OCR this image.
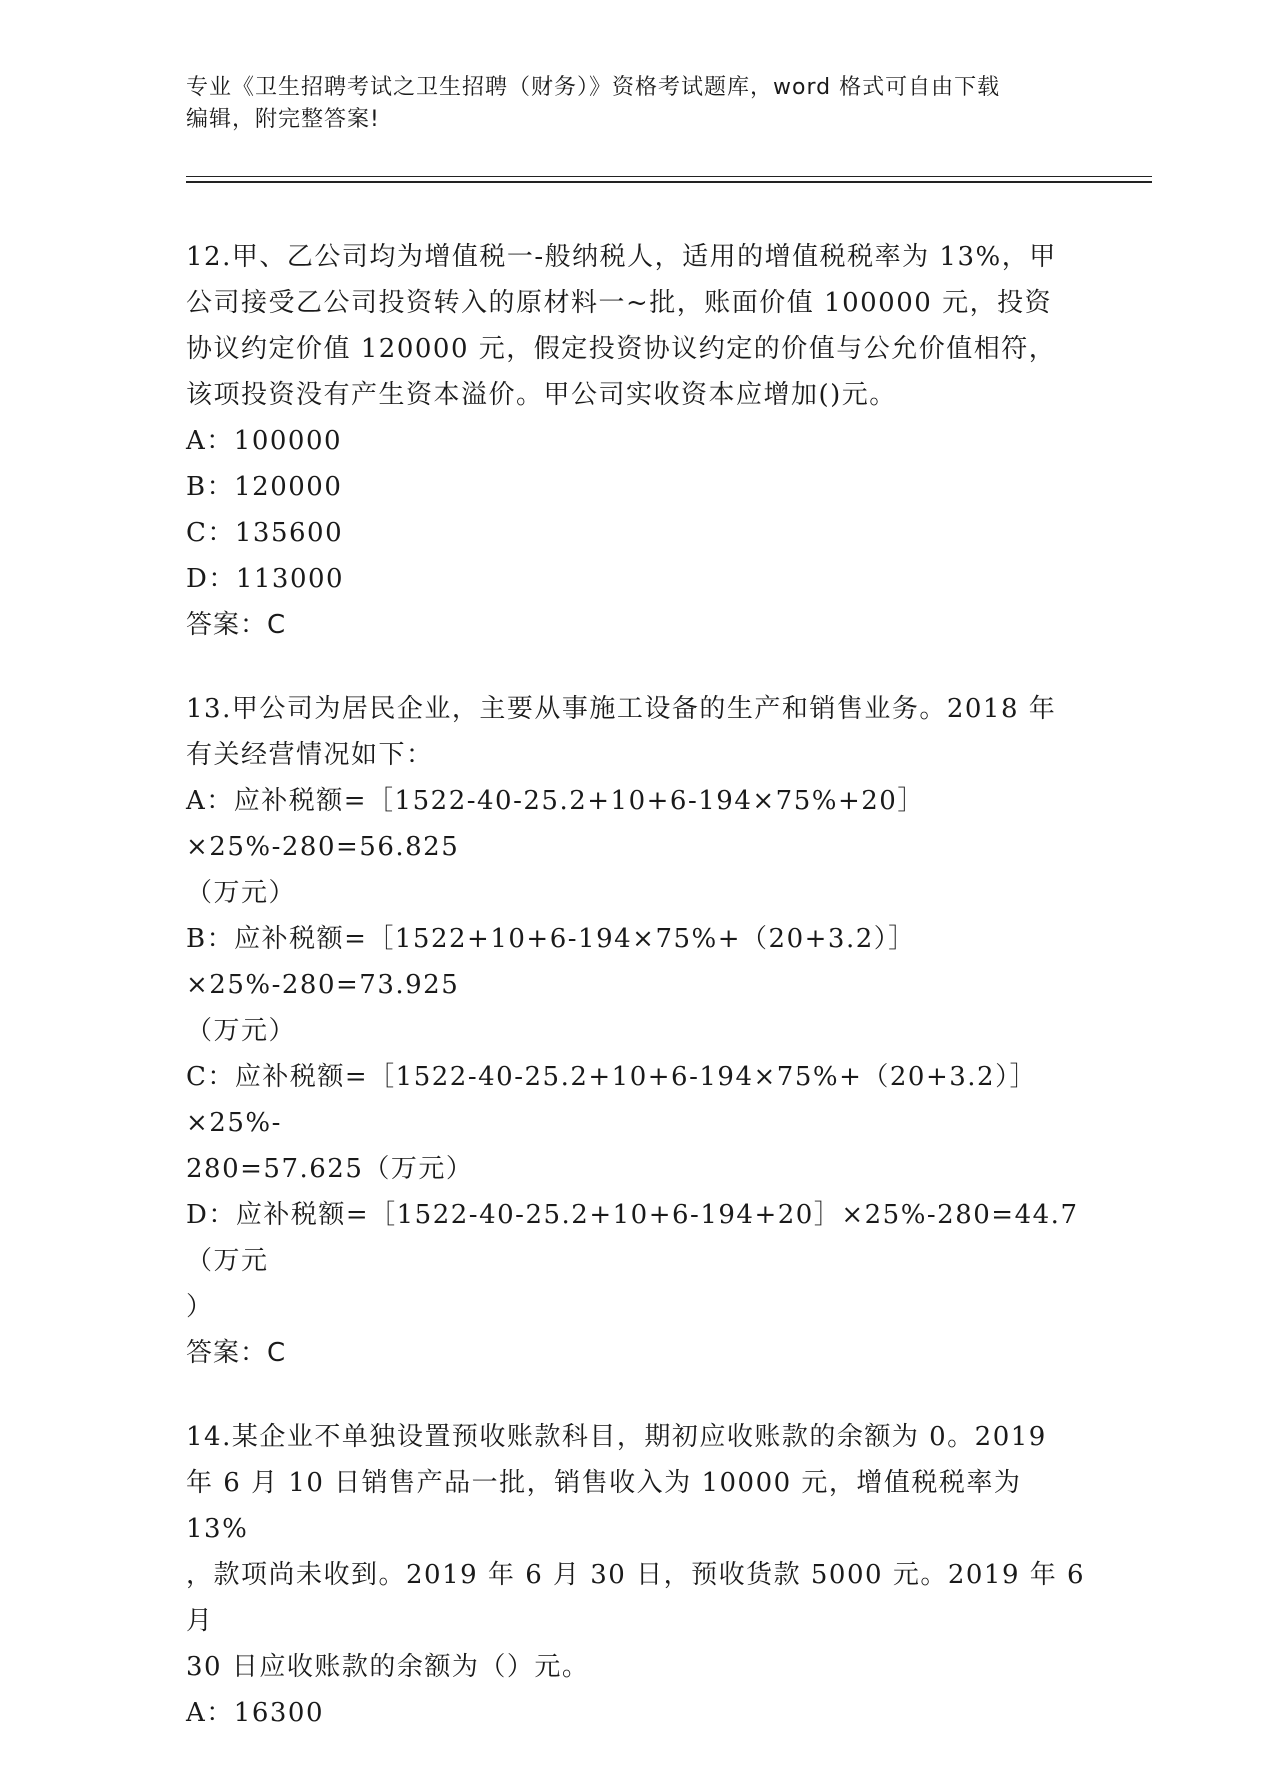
专业《卫生招聘考试之卫生招聘（财务）》资格考试题库，word 格式可自由下载
编辑，附完整答案!
12.甲、乙公司均为增值税一-般纳税人，适用的增值税税率为 13%，甲
公司接受乙公司投资转入的原材料一~批，账面价值 100000 元，投资
协议约定价值 120000 元，假定投资协议约定的价值与公允价值相符，
该项投资没有产生资本溢价。甲公司实收资本应增加()元。
A：100000
B：120000
C：135600
D：113000
答案：C
13.甲公司为居民企业，主要从事施工设备的生产和销售业务。2018 年
有关经营情况如下：
A：应补税额=［1522-40-25.2+10+6-194×75%+20］×25%-280=56.825
（万元）
B：应补税额=［1522+10+6-194×75%+（20+3.2）］×25%-280=73.925
（万元）
C：应补税额=［1522-40-25.2+10+6-194×75%+（20+3.2）］×25%-
280=57.625（万元）
D：应补税额=［1522-40-25.2+10+6-194+20］×25%-280=44.7（万元
）
答案：C
14.某企业不单独设置预收账款科目，期初应收账款的余额为 0。2019
年 6 月 10 日销售产品一批，销售收入为 10000 元，增值税税率为 13%
，款项尚未收到。2019 年 6 月 30 日，预收货款 5000 元。2019 年 6 月
30 日应收账款的余额为（）元。
A：16300
